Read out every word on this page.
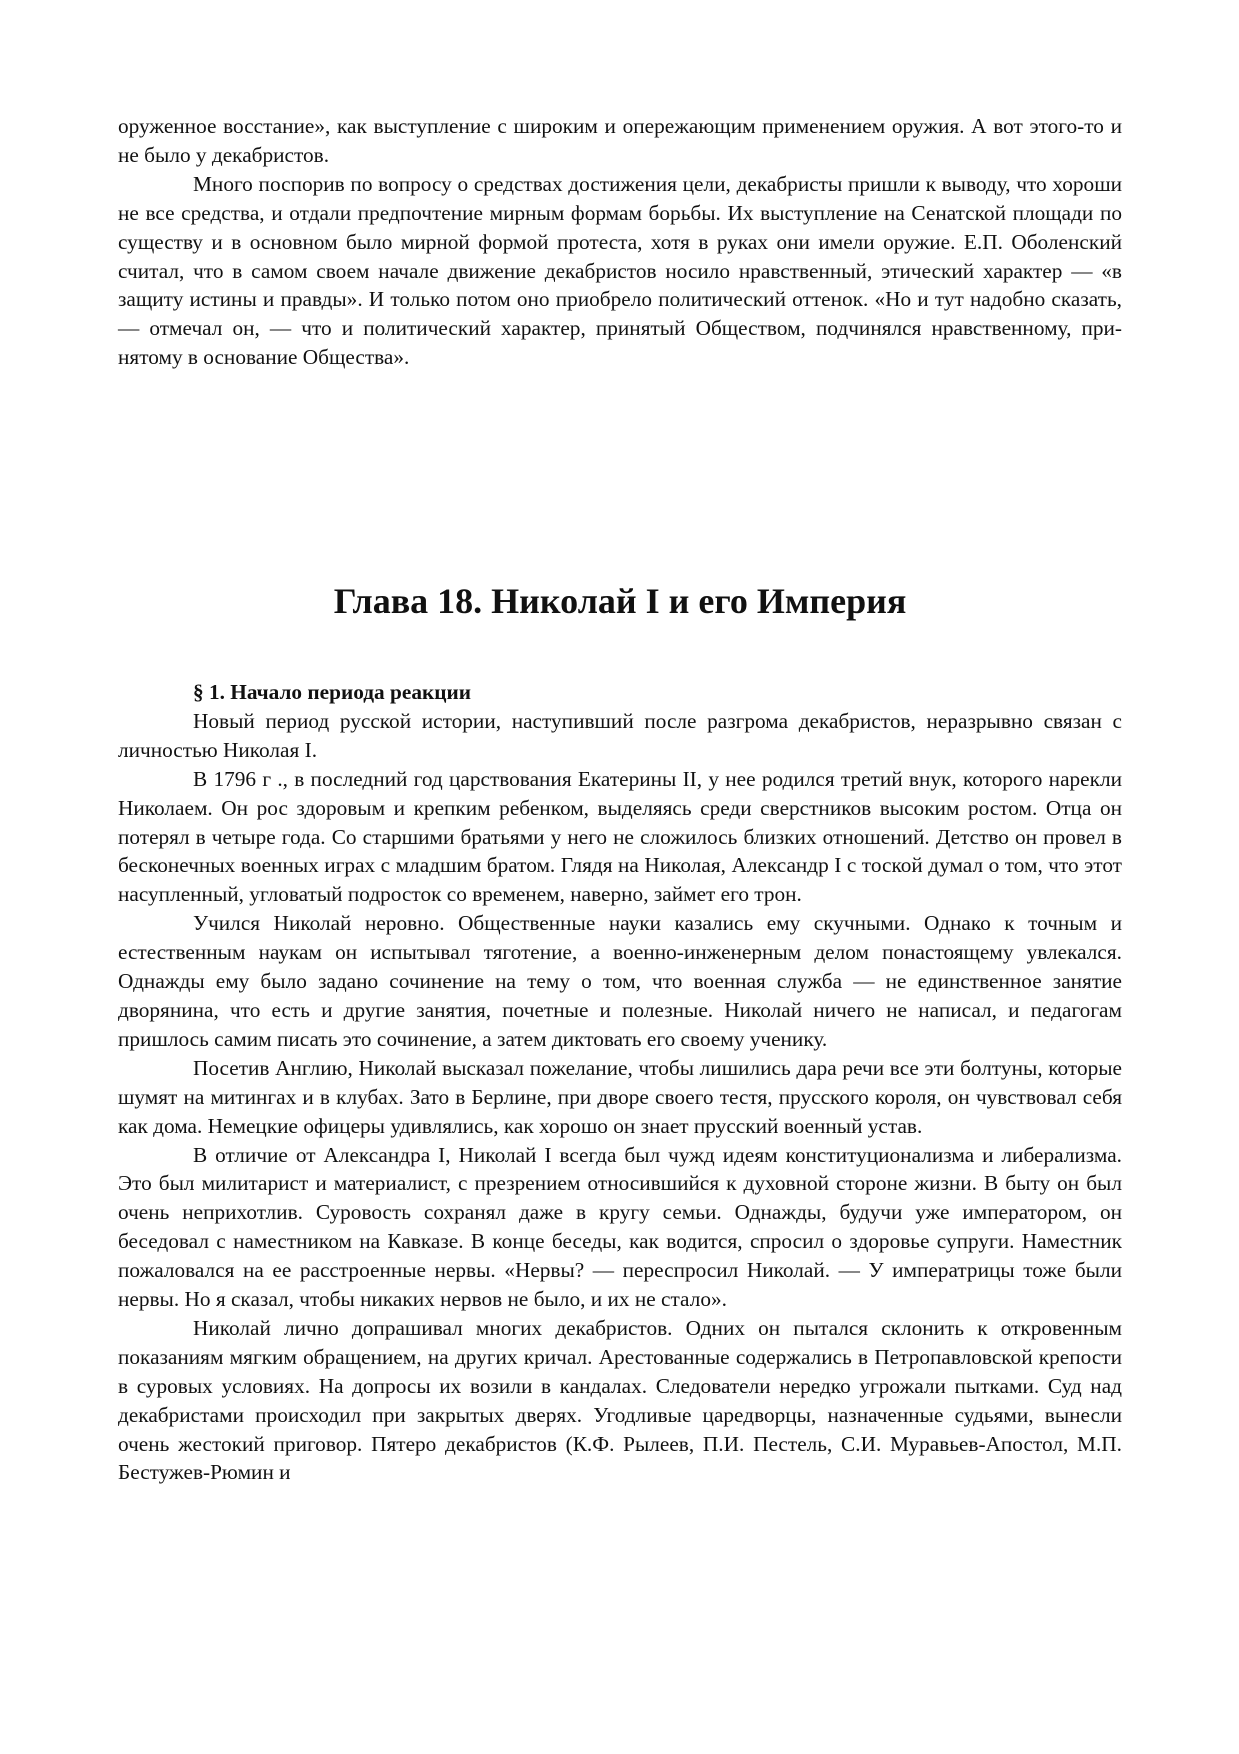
оруженное восстание», как выступление с широким и опережающим применением оружия. А вот этого-то и не было у декабристов.

Много поспорив по вопросу о средствах достижения цели, декабристы пришли к выводу, что хороши не все средства, и отдали предпочтение мирным формам борьбы. Их выступление на Сенатской площади по существу и в основном было мирной формой протеста, хотя в руках они имели оружие. Е.П. Оболенский считал, что в самом своем начале движение декабристов носило нравственный, этический характер — «в защиту истины и правды». И только потом оно приобрело политический оттенок. «Но и тут надобно сказать, — отмечал он, — что и политический характер, принятый Обществом, подчинялся нравственному, принятому в основание Общества».

Глава 18. Николай I и его Империя

§ 1. Начало периода реакции

Новый период русской истории, наступивший после разгрома декабристов, неразрывно связан с личностью Николая I.

В 1796 г ., в последний год царствования Екатерины II, у нее родился третий внук, которого нарекли Николаем. Он рос здоровым и крепким ребенком, выделяясь среди сверстников высоким ростом. Отца он потерял в четыре года. Со старшими братьями у него не сложилось близких отношений. Детство он провел в бесконечных военных играх с младшим братом. Глядя на Николая, Александр I с тоской думал о том, что этот насупленный, угловатый подросток со временем, наверно, займет его трон.

Учился Николай неровно. Общественные науки казались ему скучными. Однако к точным и естественным наукам он испытывал тяготение, а военно-инженерным делом понастоящему увлекался. Однажды ему было задано сочинение на тему о том, что военная служба — не единственное занятие дворянина, что есть и другие занятия, почетные и полезные. Николай ничего не написал, и педагогам пришлось самим писать это сочинение, а затем диктовать его своему ученику.

Посетив Англию, Николай высказал пожелание, чтобы лишились дара речи все эти болтуны, которые шумят на митингах и в клубах. Зато в Берлине, при дворе своего тестя, прусского короля, он чувствовал себя как дома. Немецкие офицеры удивлялись, как хорошо он знает прусский военный устав.

В отличие от Александра I, Николай I всегда был чужд идеям конституционализма и либерализма. Это был милитарист и материалист, с презрением относившийся к духовной стороне жизни. В быту он был очень неприхотлив. Суровость сохранял даже в кругу семьи. Однажды, будучи уже императором, он беседовал с наместником на Кавказе. В конце беседы, как водится, спросил о здоровье супруги. Наместник пожаловался на ее расстроенные нервы. «Нервы? — переспросил Николай. — У императрицы тоже были нервы. Но я сказал, чтобы никаких нервов не было, и их не стало».

Николай лично допрашивал многих декабристов. Одних он пытался склонить к откровенным показаниям мягким обращением, на других кричал. Арестованные содержались в Петропавловской крепости в суровых условиях. На допросы их возили в кандалах. Следователи нередко угрожали пытками. Суд над декабристами происходил при закрытых дверях. Угодливые царедворцы, назначенные судьями, вынесли очень жестокий приговор. Пятеро декабристов (К.Ф. Рылеев, П.И. Пестель, С.И. Муравьев-Апостол, М.П. Бестужев-Рюмин и
